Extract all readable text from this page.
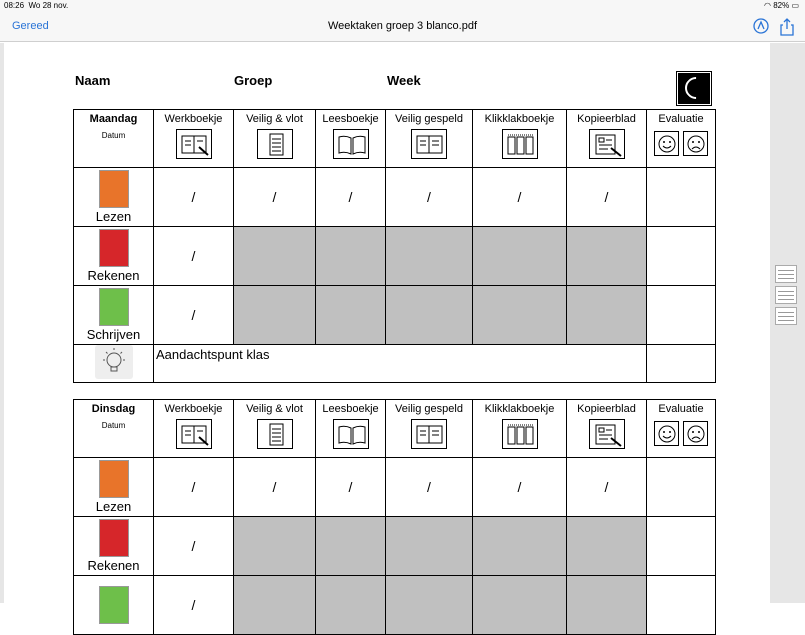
08:26 Wo 28 nov.	◠ 82% ▭
Gereed	Weektaken groep 3 blanco.pdf
Naam	Groep	Week
Maandag
Datum	Werkboekje	Veilig & vlot	Leesboekje	Veilig gespeld	Klikklakboekje	Kopieerblad	Evaluatie

Lezen	/	/	/	/	/	/	

Rekenen	/						

Schrijven	/						
	Aandachtspunt klas						
Dinsdag
Datum	Werkboekje	Veilig & vlot	Leesboekje	Veilig gespeld	Klikklakboekje	Kopieerblad	Evaluatie

Lezen	/	/	/	/	/	/	

Rekenen	/						

	/						
